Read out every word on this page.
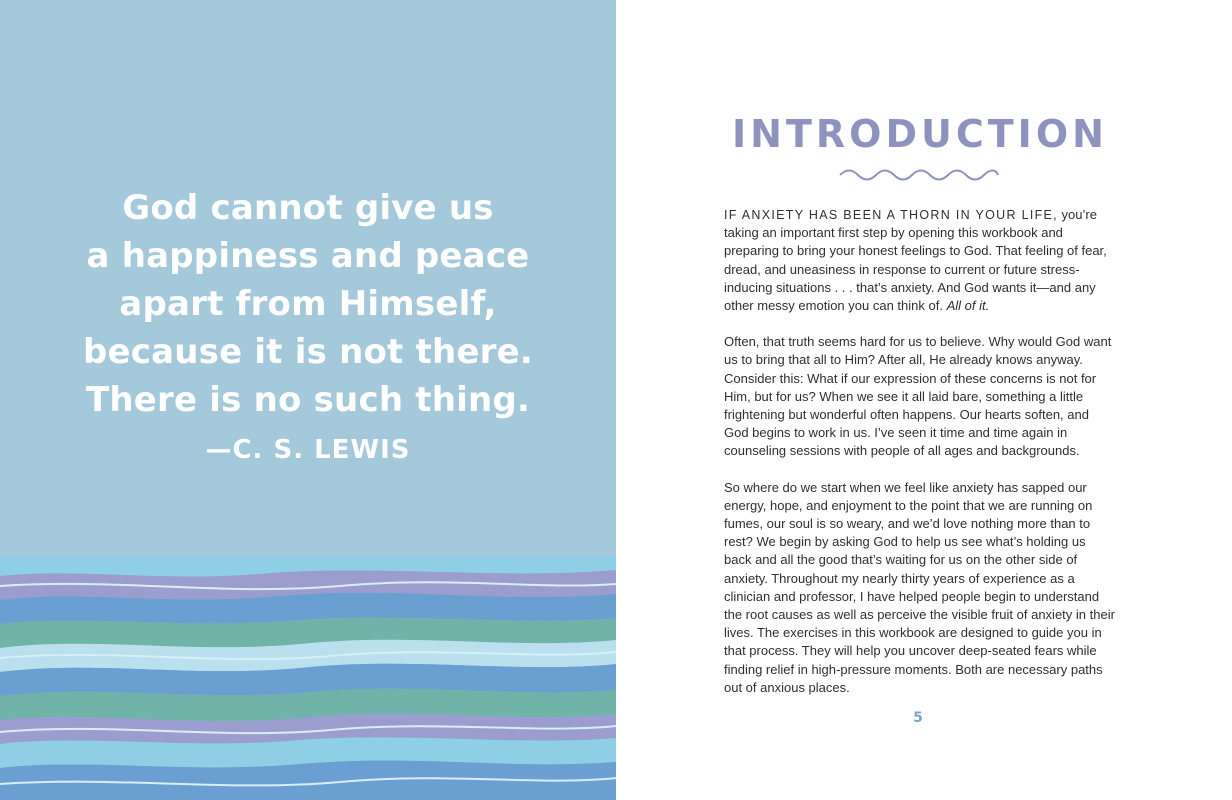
God cannot give us
a happiness and peace
apart from Himself,
because it is not there.
There is no such thing.
—C. S. LEWIS
INTRODUCTION

IF ANXIETY HAS BEEN A THORN IN YOUR LIFE, you’re taking an important first step by opening this workbook and preparing to bring your honest feelings to God. That feeling of fear, dread, and uneasiness in response to current or future stress-inducing situations . . . that’s anxiety. And God wants it—and any other messy emotion you can think of. All of it.

Often, that truth seems hard for us to believe. Why would God want us to bring that all to Him? After all, He already knows anyway. Consider this: What if our expression of these concerns is not for Him, but for us? When we see it all laid bare, something a little frightening but wonderful often happens. Our hearts soften, and God begins to work in us. I’ve seen it time and time again in counseling sessions with people of all ages and backgrounds.

So where do we start when we feel like anxiety has sapped our energy, hope, and enjoyment to the point that we are running on fumes, our soul is so weary, and we’d love nothing more than to rest? We begin by asking God to help us see what’s holding us back and all the good that’s waiting for us on the other side of anxiety. Throughout my nearly thirty years of experience as a clinician and professor, I have helped people begin to understand the root causes as well as perceive the visible fruit of anxiety in their lives. The exercises in this workbook are designed to guide you in that process. They will help you uncover deep-seated fears while finding relief in high-pressure moments. Both are necessary paths out of anxious places.

5
